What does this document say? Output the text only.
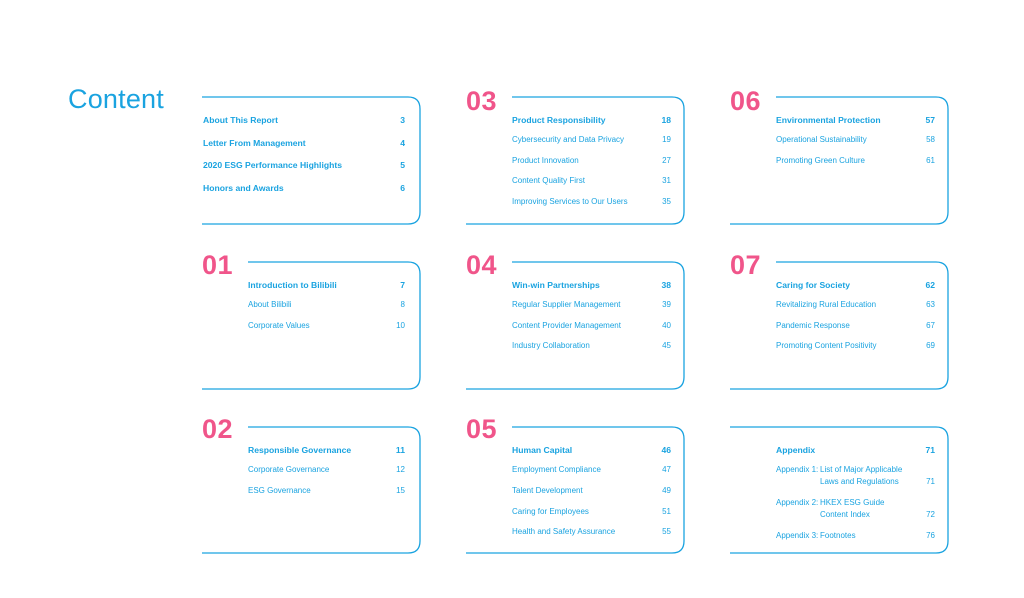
Content
About This Report	3
Letter From Management	4
2020 ESG Performance Highlights	5
Honors and Awards	6
03
Product Responsibility	18
Cybersecurity and Data Privacy	19
Product Innovation	27
Content Quality First	31
Improving Services to Our Users	35
06
Environmental Protection	57
Operational Sustainability	58
Promoting Green Culture	61
01
Introduction to Bilibili	7
About Bilibili	8
Corporate Values	10
04
Win-win Partnerships	38
Regular Supplier Management	39
Content Provider Management	40
Industry Collaboration	45
07
Caring for Society	62
Revitalizing Rural Education	63
Pandemic Response	67
Promoting Content Positivity	69
02
Responsible Governance	11
Corporate Governance	12
ESG Governance	15
05
Human Capital	46
Employment Compliance	47
Talent Development	49
Caring for Employees	51
Health and Safety Assurance	55
Appendix	71
Appendix 1: List of Major Applicable
Laws and Regulations	71
Appendix 2: HKEX ESG Guide
Content Index	72
Appendix 3: Footnotes	76
